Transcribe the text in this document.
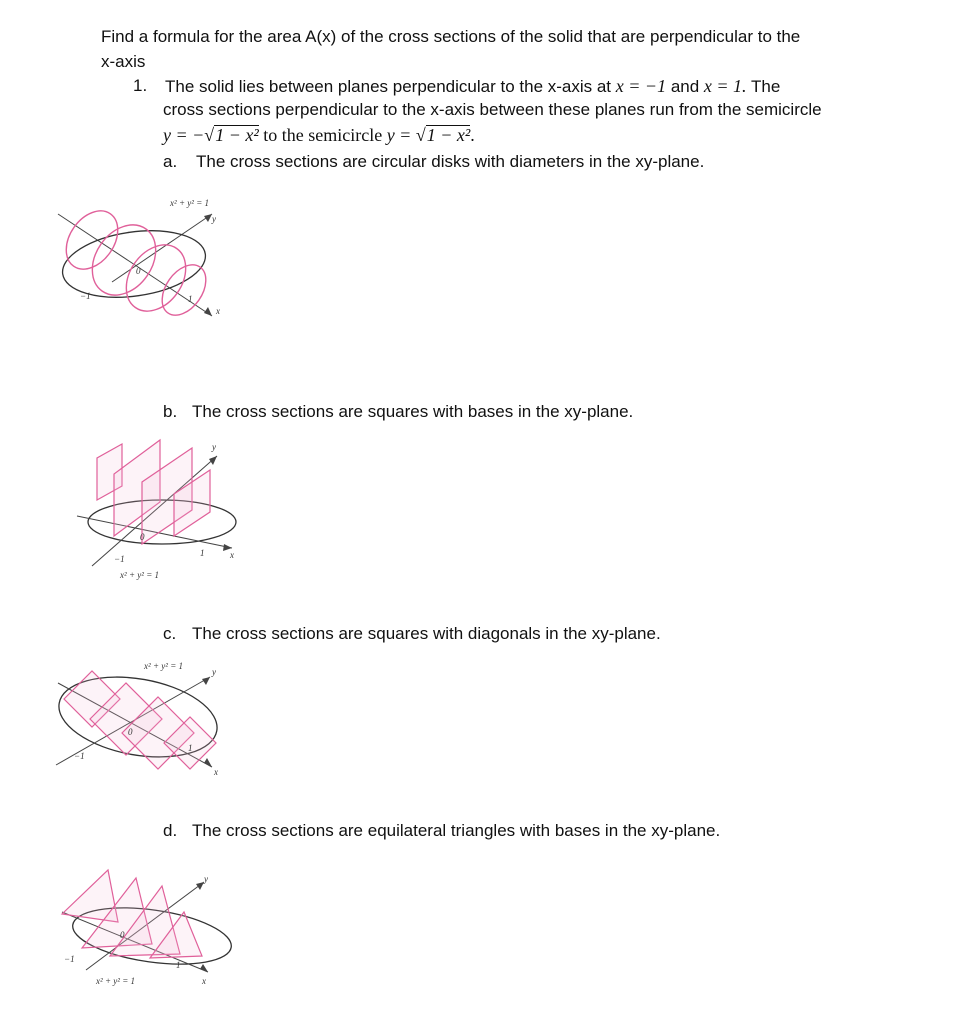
Find a formula for the area A(x) of the cross sections of the solid that are perpendicular to the
x-axis
1. The solid lies between planes perpendicular to the x-axis at x = −1 and x = 1. The
cross sections perpendicular to the x-axis between these planes run from the semicircle
y = −√1 − x² to the semicircle y = √1 − x².
a. The cross sections are circular disks with diameters in the xy-plane.
x² + y² = 1
y
x
0
−1	1
b. The cross sections are squares with bases in the xy-plane.
y
x
0
−1
1
x² + y² = 1
c. The cross sections are squares with diagonals in the xy-plane.
x² + y² = 1
y
x
0
−1
1
d. The cross sections are equilateral triangles with bases in the xy-plane.
y
x
0
−1
1
x² + y² = 1
